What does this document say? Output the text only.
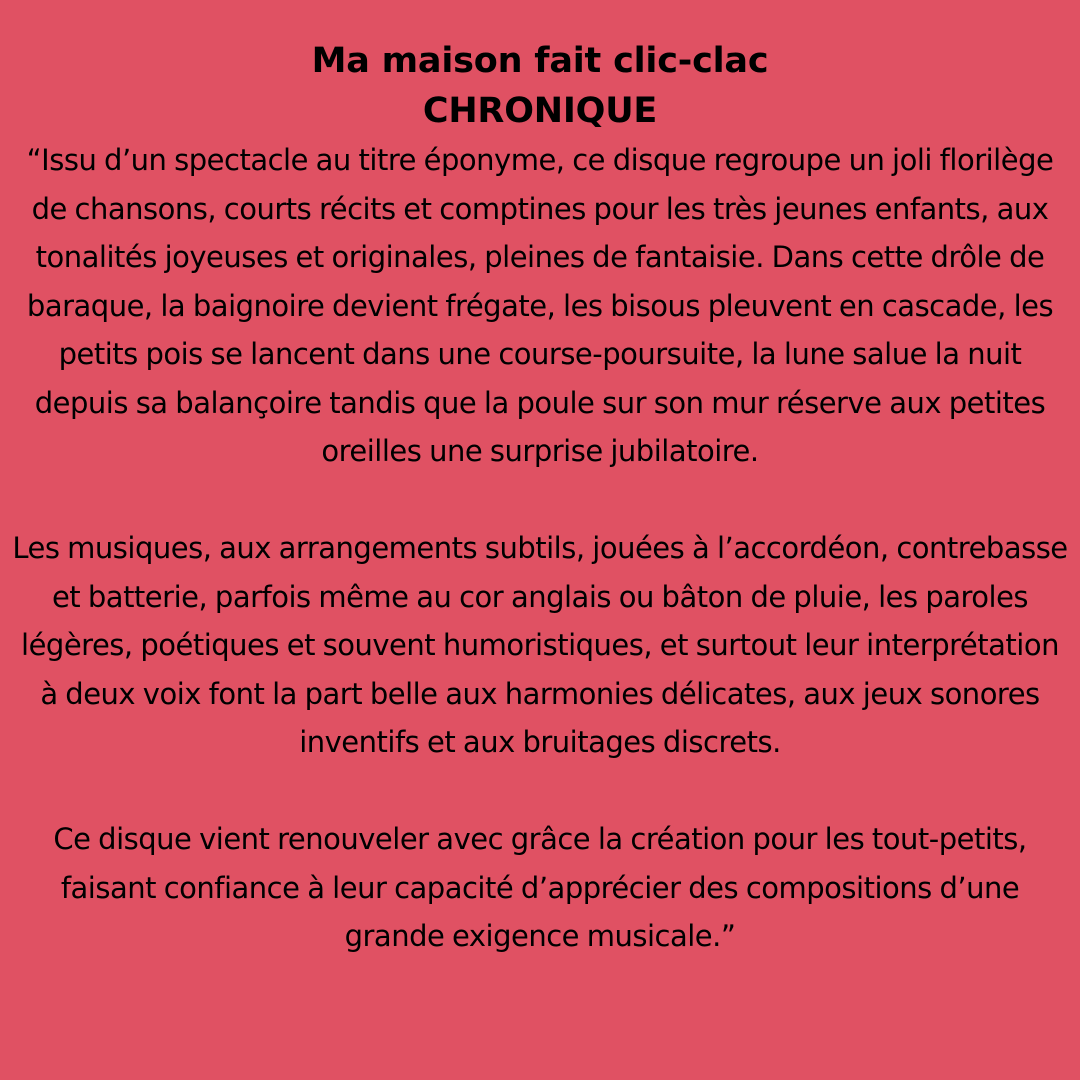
Ma maison fait clic-clac
CHRONIQUE

“Issu d’un spectacle au titre éponyme, ce disque regroupe un joli florilège de chansons, courts récits et comptines pour les très jeunes enfants, aux tonalités joyeuses et originales, pleines de fantaisie. Dans cette drôle de baraque, la baignoire devient frégate, les bisous pleuvent en cascade, les petits pois se lancent dans une course-poursuite, la lune salue la nuit depuis sa balançoire tandis que la poule sur son mur réserve aux petites oreilles une surprise jubilatoire.

Les musiques, aux arrangements subtils, jouées à l’accordéon, contrebasse et batterie, parfois même au cor anglais ou bâton de pluie, les paroles légères, poétiques et souvent humoristiques, et surtout leur interprétation à deux voix font la part belle aux harmonies délicates, aux jeux sonores inventifs et aux bruitages discrets.

Ce disque vient renouveler avec grâce la création pour les tout-petits, faisant confiance à leur capacité d’apprécier des compositions d’une grande exigence musicale.”
